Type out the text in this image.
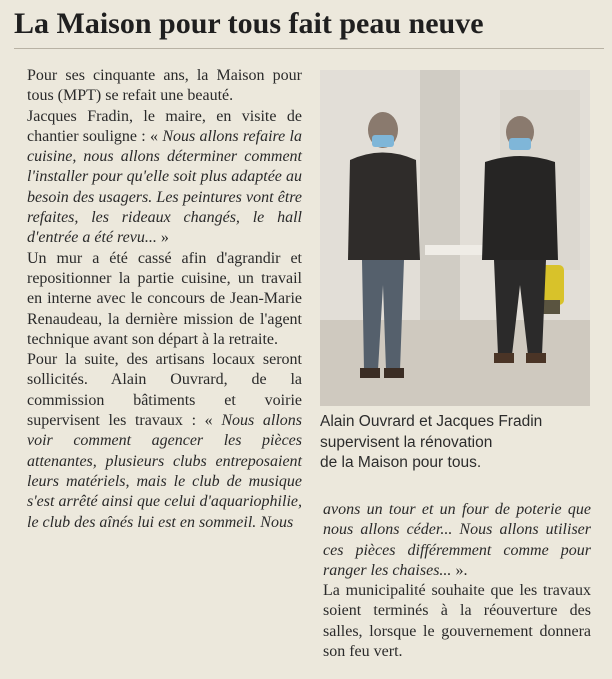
La Maison pour tous fait peau neuve

Pour ses cinquante ans, la Maison pour tous (MPT) se refait une beauté.

Jacques Fradin, le maire, en visite de chantier souligne : « Nous allons refaire la cuisine, nous allons déterminer comment l'installer pour qu'elle soit plus adaptée au besoin des usagers. Les peintures vont être refaites, les rideaux changés, le hall d'entrée a été revu... »

Un mur a été cassé afin d'agrandir et repositionner la partie cuisine, un travail en interne avec le concours de Jean-Marie Renaudeau, la dernière mission de l'agent technique avant son départ à la retraite.

Pour la suite, des artisans locaux seront sollicités. Alain Ouvrard, de la commission bâtiments et voirie supervisent les travaux : « Nous allons voir comment agencer les pièces attenantes, plusieurs clubs entreposaient leurs matériels, mais le club de musique s'est arrêté ainsi que celui d'aquariophilie, le club des aînés lui est en sommeil. Nous

Alain Ouvrard et Jacques Fradin
supervisent la rénovation
de la Maison pour tous.

avons un tour et un four de poterie que nous allons céder... Nous allons utiliser ces pièces différemment comme pour ranger les chaises... ».

La municipalité souhaite que les travaux soient terminés à la réouverture des salles, lorsque le gouvernement donnera son feu vert.
